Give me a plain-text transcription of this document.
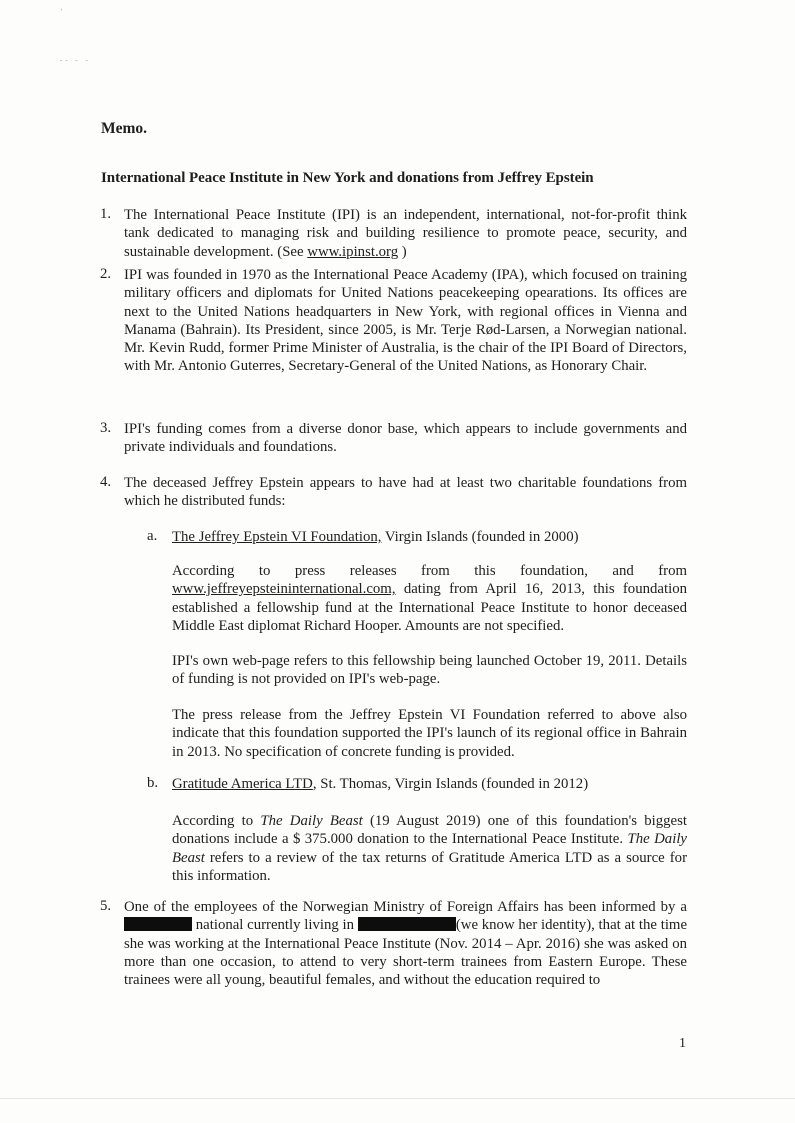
ˈ
-- - -
Memo.
International Peace Institute in New York and donations from Jeffrey Epstein
1. The International Peace Institute (IPI) is an independent, international, not-for-profit think tank dedicated to managing risk and building resilience to promote peace, security, and sustainable development. (See www.ipinst.org )
2. IPI was founded in 1970 as the International Peace Academy (IPA), which focused on training military officers and diplomats for United Nations peacekeeping opearations. Its offices are next to the United Nations headquarters in New York, with regional offices in Vienna and Manama (Bahrain). Its President, since 2005, is Mr. Terje Rød-Larsen, a Norwegian national. Mr. Kevin Rudd, former Prime Minister of Australia, is the chair of the IPI Board of Directors, with Mr. Antonio Guterres, Secretary-General of the United Nations, as Honorary Chair.
3. IPI's funding comes from a diverse donor base, which appears to include governments and private individuals and foundations.
4. The deceased Jeffrey Epstein appears to have had at least two charitable foundations from which he distributed funds:
a. The Jeffrey Epstein VI Foundation, Virgin Islands (founded in 2000)
According to press releases from this foundation, and from www.jeffreyepsteininternational.com, dating from April 16, 2013, this foundation established a fellowship fund at the International Peace Institute to honor deceased Middle East diplomat Richard Hooper. Amounts are not specified.
IPI's own web-page refers to this fellowship being launched October 19, 2011. Details of funding is not provided on IPI's web-page.
The press release from the Jeffrey Epstein VI Foundation referred to above also indicate that this foundation supported the IPI's launch of its regional office in Bahrain in 2013. No specification of concrete funding is provided.
b. Gratitude America LTD, St. Thomas, Virgin Islands (founded in 2012)
According to The Daily Beast (19 August 2019) one of this foundation's biggest donations include a $ 375.000 donation to the International Peace Institute. The Daily Beast refers to a review of the tax returns of Gratitude America LTD as a source for this information.
5. One of the employees of the Norwegian Ministry of Foreign Affairs has been informed by a  national currently living in	(we know her identity), that at the time she was working at the International Peace Institute (Nov. 2014 – Apr. 2016) she was asked on more than one occasion, to attend to very short-term trainees from Eastern Europe. These trainees were all young, beautiful females, and without the education required to
1
